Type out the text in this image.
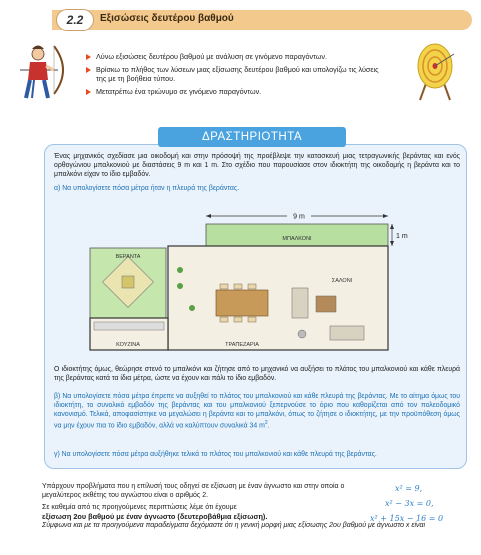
2.2	Εξισώσεις δευτέρου βαθμού
Λύνω εξισώσεις δευτέρου βαθμού με ανάλυση σε γινόμενο παραγόντων.
Βρίσκω το πλήθος των λύσεων μιας εξίσωσης δευτέρου βαθμού και υπολογίζω τις λύσεις της με τη βοήθεια τύπου.
Μετατρέπω ένα τριώνυμο σε γινόμενο παραγόντων.
ΔΡΑΣΤΗΡΙΟΤΗΤΑ
Ένας μηχανικός σχεδίασε μια οικοδομή και στην πρόσοψή της προέβλεψε την κατασκευή μιας τετραγωνικής βεράντας και ενός ορθογώνιου μπαλκονιού με διαστάσεις 9 m και 1 m. Στο σχέδιο που παρουσίασε στον ιδιοκτήτη της οικοδομής η βεράντα και το μπαλκόνι είχαν το ίδιο εμβαδόν.
α) Να υπολογίσετε πόσα μέτρα ήταν η πλευρά της βεράντας.
9 m
1 m
ΜΠΑΛΚΟΝΙ
ΒΕΡΑΝΤΑ
ΚΟΥΖΙΝΑ	ΤΡΑΠΕΖΑΡΙΑ
ΣΑΛΟΝΙ
Ο ιδιοκτήτης όμως, θεώρησε στενό το μπαλκόνι και ζήτησε από το μηχανικό να αυξήσει το πλάτος του μπαλκονιού και κάθε πλευρά της βεράντας κατά τα ίδια μέτρα, ώστε να έχουν και πάλι το ίδιο εμβαδόν.
β) Να υπολογίσετε πόσα μέτρα έπρεπε να αυξηθεί το πλάτος του μπαλκονιού και κάθε πλευρά της βεράντας. Με το αίτημα όμως του ιδιοκτήτη, το συνολικό εμβαδόν της βεράντας και του μπαλκονιού ξεπερνούσε το όριο που καθορίζεται από τον πολεοδομικό κανονισμό. Τελικά, αποφασίστηκε να μεγαλώσει η βεράντα και το μπαλκόνι, όπως το ζήτησε ο ιδιοκτήτης, με την προϋπόθεση όμως να μην έχουν πια το ίδιο εμβαδόν, αλλά να καλύπτουν συναλικά 34 $m^2$.
γ) Να υπολογίσετε πόσα μέτρα αυξήθηκε τελικά το πλάτος του μπαλκονιού και κάθε πλευρά της βεράντας.
Υπάρχουν προβλήματα που η επίλυσή τους οδηγεί σε εξίσωση με έναν άγνωστο και στην οποία ο μεγαλύτερος εκθέτης του αγνώστου είναι ο αριθμός 2.
Σε καθεμία από τις προηγούμενες περιπτώσεις λέμε ότι έχουμε
εξίσωση 2ου βαθμού με έναν άγνωστο (δευτεροβάθμια εξίσωση).
Σύμφωνα και με τα προηγούμενα παραδείγματα δεχόμαστε ότι η γενική μορφή μιας εξίσωσης 2ου βαθμού με άγνωστο x είναι
x² = 9,
x² − 3x = 0,
x² + 15x − 16 = 0
